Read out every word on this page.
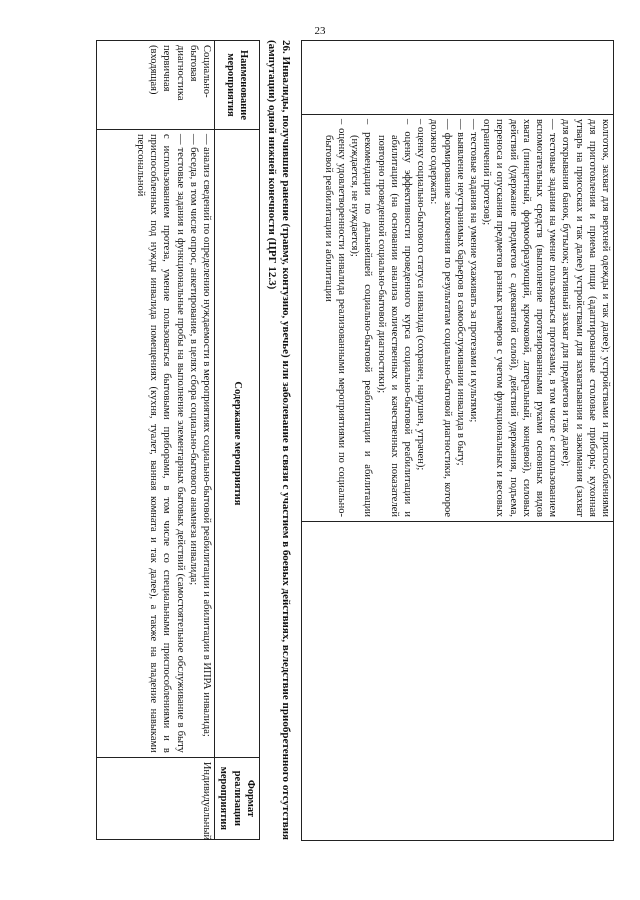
23

колготок, захват для верхней одежды и так далее); устройствами и приспособлениями для приготовления и приема пищи (адаптированные столовые приборы; кухонная утварь на присосках и так далее) устройствами для захватывания и зажимания (захват для открывания банок, бутылок; активный захват для предметов и так далее);

— тестовые задания на умение пользоваться протезами, в том числе с использованием вспомогательных средств (выполнение протезированными руками основных видов хвата (пинцетный, формообразующий, крючковой, латеральный, концевой), силовых действий (удержание предметов с адекватной силой), действий удержания, подъема, переноса и опускания предметов разных размеров с учетом функциональных и весовых ограничений протезов);

— тестовые задания на умение ухаживать за протезами и культями;

— выявление неустранимых барьеров в самообслуживании инвалида в быту;

— формирование заключения по результатам социально-бытовой диагностики, которое должно содержать:

– оценку социально-бытового статуса инвалида (сохранен, нарушен, утрачен);

– оценку эффективности проведенного курса социально-бытовой реабилитации и абилитации (на основании анализа количественных и качественных показателей повторно проведенной социально-бытовой диагностики);

– рекомендации по дальнейшей социально-бытовой реабилитации и абилитации (нуждается, не нуждается);

– оценку удовлетворенности инвалида реализованными мероприятиями по социально-бытовой реабилитации и абилитации

26. Инвалиды, получившие ранение (травму, контузию, увечье) или заболевание в связи с участием в боевых действиях, вследствие приобретенного отсутствия (ампутации) одной нижней конечности (ЦРГ 12.3)

Наименование мероприятия	Содержание мероприятия	Формат реализации мероприятия
Социально-бытовая диагностика первичная (входящая)	— анализ сведений по определению нуждаемости в мероприятиях социально-бытовой реабилитации и абилитации в ИПРА инвалида;

— беседа, в том числе опрос, анкетирование, в целях сбора социально-бытового анамнеза инвалида;

— тестовые задания и функциональные пробы на выполнение элементарных бытовых действий (самостоятельное обслуживание в быту с использованием протеза, умение пользоваться бытовыми приборами, в том числе со специальными приспособлениями и в приспособленных под нужды инвалида помещениях (кухня, туалет, ванная комната и так далее), а также на владение навыками персональной	Индивидуальный
